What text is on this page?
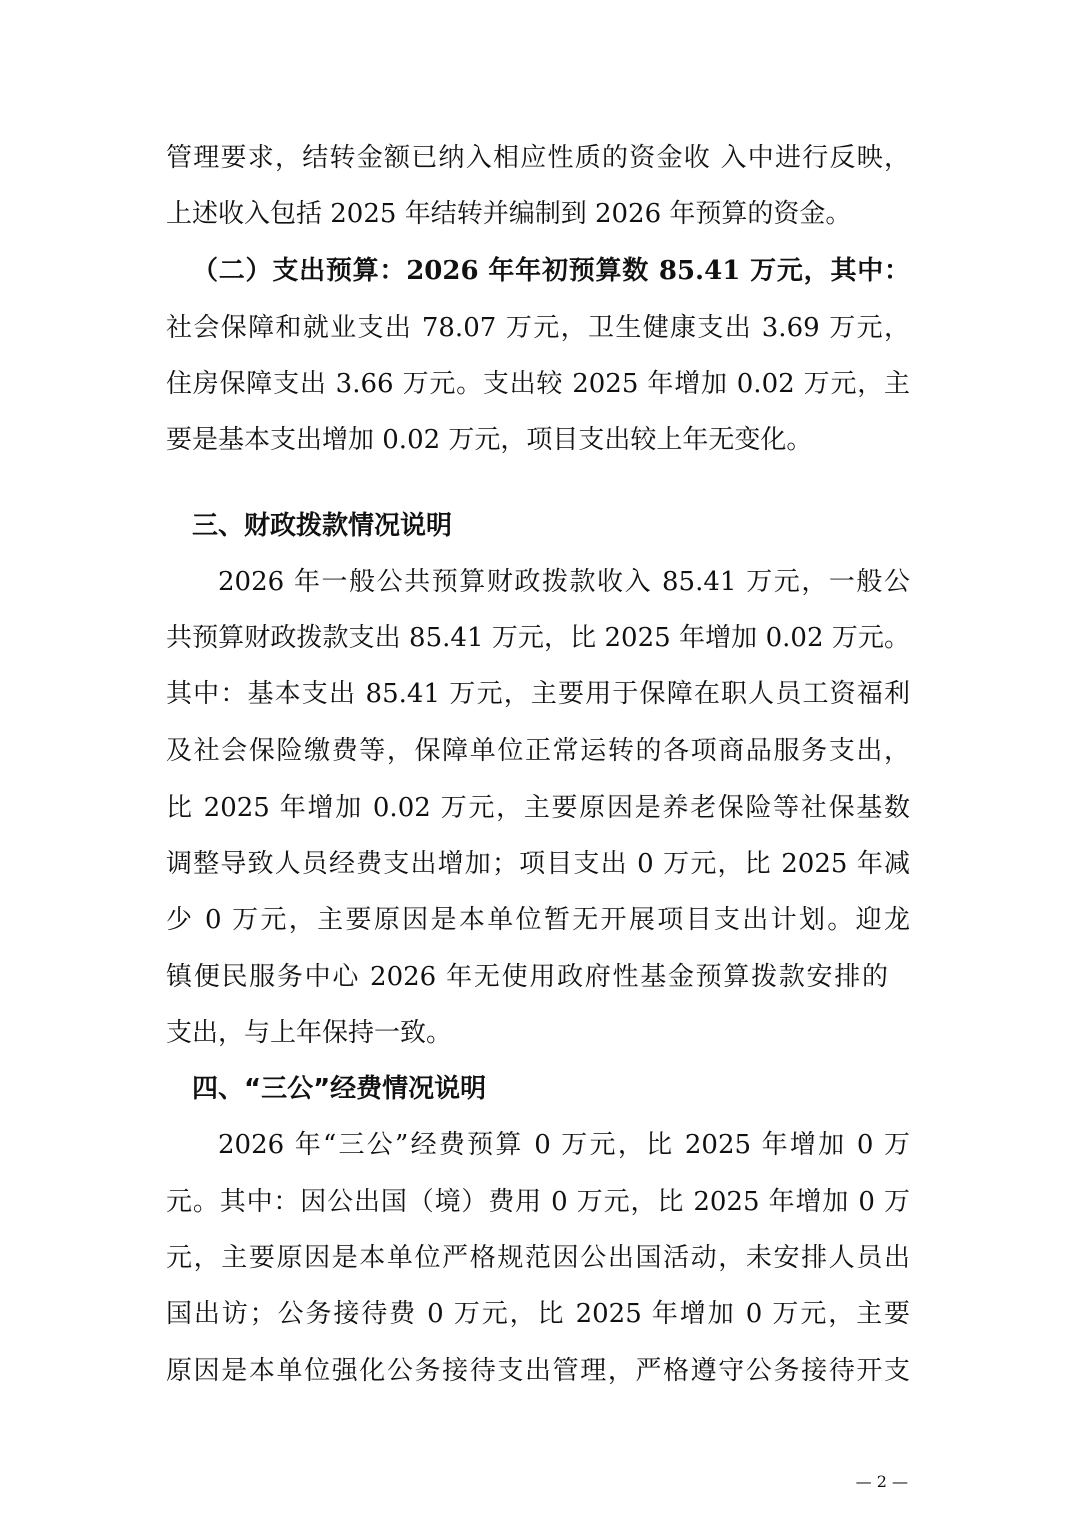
管理要求，结转金额已纳入相应性质的资金收 入中进行反映，
上述收入包括 2025 年结转并编制到 2026 年预算的资金。
（二）支出预算：2026 年年初预算数 85.41 万元，其中：
社会保障和就业支出 78.07 万元，卫生健康支出 3.69 万元，
住房保障支出 3.66 万元。支出较 2025 年增加 0.02 万元，主
要是基本支出增加 0.02 万元，项目支出较上年无变化。
三、财政拨款情况说明
2026 年一般公共预算财政拨款收入 85.41 万元，一般公
共预算财政拨款支出 85.41 万元，比 2025 年增加 0.02 万元。
其中：基本支出 85.41 万元，主要用于保障在职人员工资福利
及社会保险缴费等，保障单位正常运转的各项商品服务支出，
比 2025 年增加 0.02 万元，主要原因是养老保险等社保基数
调整导致人员经费支出增加；项目支出 0 万元，比 2025 年减
少 0 万元，主要原因是本单位暂无开展项目支出计划。迎龙
镇便民服务中心 2026 年无使用政府性基金预算拨款安排的
支出，与上年保持一致。
四、“三公”经费情况说明
2026 年“三公”经费预算 0 万元，比 2025 年增加 0 万
元。其中：因公出国（境）费用 0 万元，比 2025 年增加 0 万
元，主要原因是本单位严格规范因公出国活动，未安排人员出
国出访；公务接待费 0 万元，比 2025 年增加 0 万元，主要
原因是本单位强化公务接待支出管理，严格遵守公务接待开支
— 2 —
